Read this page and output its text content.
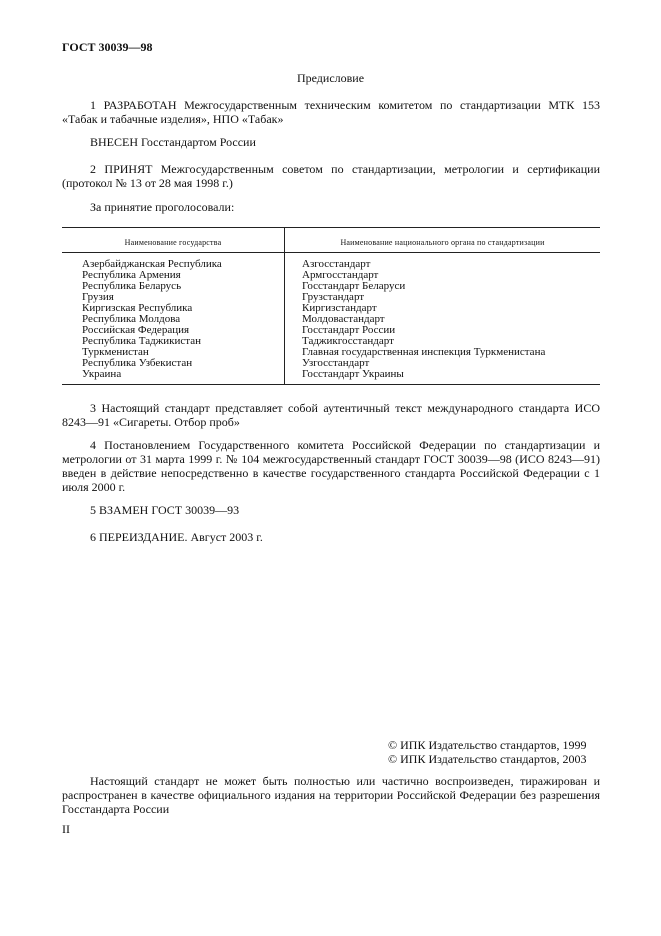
ГОСТ 30039—98
Предисловие
1 РАЗРАБОТАН Межгосударственным техническим комитетом по стандартизации МТК 153 «Табак и табачные изделия», НПО «Табак»
ВНЕСЕН Госстандартом России
2 ПРИНЯТ Межгосударственным советом по стандартизации, метрологии и сертификации (протокол № 13 от 28 мая 1998 г.)
За принятие проголосовали:
Наименование государства	Наименование национального органа по стандартизации
Азербайджанская Республика
Республика Армения
Республика Беларусь
Грузия
Киргизская Республика
Республика Молдова
Российская Федерация
Республика Таджикистан
Туркменистан
Республика Узбекистан
Украина
Азгосстандарт
Армгосстандарт
Госстандарт Беларуси
Грузстандарт
Киргизстандарт
Молдовастандарт
Госстандарт России
Таджикгосстандарт
Главная государственная инспекция Туркменистана
Узгосстандарт
Госстандарт Украины
3 Настоящий стандарт представляет собой аутентичный текст международного стандарта ИСО 8243—91 «Сигареты. Отбор проб»
4 Постановлением Государственного комитета Российской Федерации по стандартизации и метрологии от 31 марта 1999 г. № 104 межгосударственный стандарт ГОСТ 30039—98 (ИСО 8243—91) введен в действие непосредственно в качестве государственного стандарта Российской Федерации с 1 июля 2000 г.
5 ВЗАМЕН ГОСТ 30039—93
6 ПЕРЕИЗДАНИЕ. Август 2003 г.
© ИПК Издательство стандартов, 1999
© ИПК Издательство стандартов, 2003
Настоящий стандарт не может быть полностью или частично воспроизведен, тиражирован и распространен в качестве официального издания на территории Российской Федерации без разрешения Госстандарта России
II
